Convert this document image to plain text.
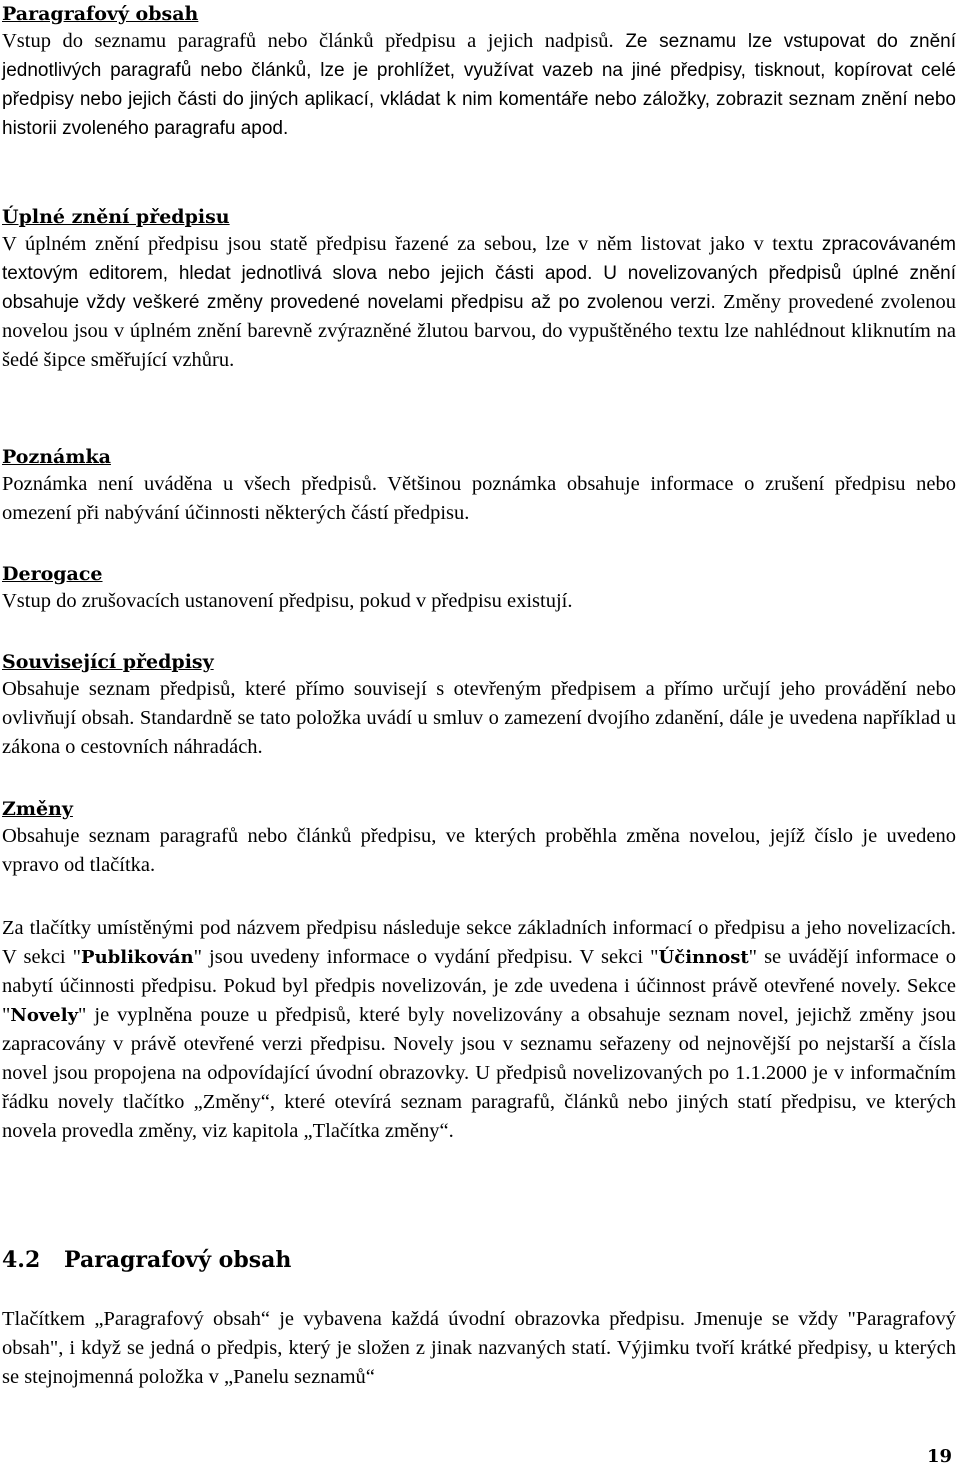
Paragrafový obsah

Vstup do seznamu paragrafů nebo článků předpisu a jejich nadpisů. Ze seznamu lze vstupovat do znění jednotlivých paragrafů nebo článků, lze je prohlížet, využívat vazeb na jiné předpisy, tisknout, kopírovat celé předpisy nebo jejich části do jiných aplikací, vkládat k nim komentáře nebo záložky, zobrazit seznam znění nebo historii zvoleného paragrafu apod.

Úplné znění předpisu

V úplném znění předpisu jsou statě předpisu řazené za sebou, lze v něm listovat jako v textu zpracovávaném textovým editorem, hledat jednotlivá slova nebo jejich části apod. U novelizovaných předpisů úplné znění obsahuje vždy veškeré změny provedené novelami předpisu až po zvolenou verzi. Změny provedené zvolenou novelou jsou v úplném znění barevně zvýrazněné žlutou barvou, do vypuštěného textu lze nahlédnout kliknutím na šedé šipce směřující vzhůru.

Poznámka

Poznámka není uváděna u všech předpisů. Většinou poznámka obsahuje informace o zrušení předpisu nebo omezení při nabývání účinnosti některých částí předpisu.

Derogace

Vstup do zrušovacích ustanovení předpisu, pokud v předpisu existují.

Související předpisy

Obsahuje seznam předpisů, které přímo souvisejí s otevřeným předpisem a přímo určují jeho provádění nebo ovlivňují obsah. Standardně se tato položka uvádí u smluv o zamezení dvojího zdanění, dále je uvedena například u zákona o cestovních náhradách.

Změny

Obsahuje seznam paragrafů nebo článků předpisu, ve kterých proběhla změna novelou, jejíž číslo je uvedeno vpravo od tlačítka.

Za tlačítky umístěnými pod názvem předpisu následuje sekce základních informací o předpisu a jeho novelizacích. V sekci "Publikován" jsou uvedeny informace o vydání předpisu. V sekci "Účinnost" se uvádějí informace o nabytí účinnosti předpisu. Pokud byl předpis novelizován, je zde uvedena i účinnost právě otevřené novely. Sekce "Novely" je vyplněna pouze u předpisů, které byly novelizovány a obsahuje seznam novel, jejichž změny jsou zapracovány v právě otevřené verzi předpisu. Novely jsou v seznamu seřazeny od nejnovější po nejstarší a čísla novel jsou propojena na odpovídající úvodní obrazovky. U předpisů novelizovaných po 1.1.2000 je v informačním řádku novely tlačítko „Změny“, které otevírá seznam paragrafů, článků nebo jiných statí předpisu, ve kterých novela provedla změny, viz kapitola „Tlačítka změny“.

4.2 Paragrafový obsah

Tlačítkem „Paragrafový obsah“ je vybavena každá úvodní obrazovka předpisu. Jmenuje se vždy "Paragrafový obsah", i když se jedná o předpis, který je složen z jinak nazvaných statí. Výjimku tvoří krátké předpisy, u kterých se stejnojmenná položka v „Panelu seznamů“

19
